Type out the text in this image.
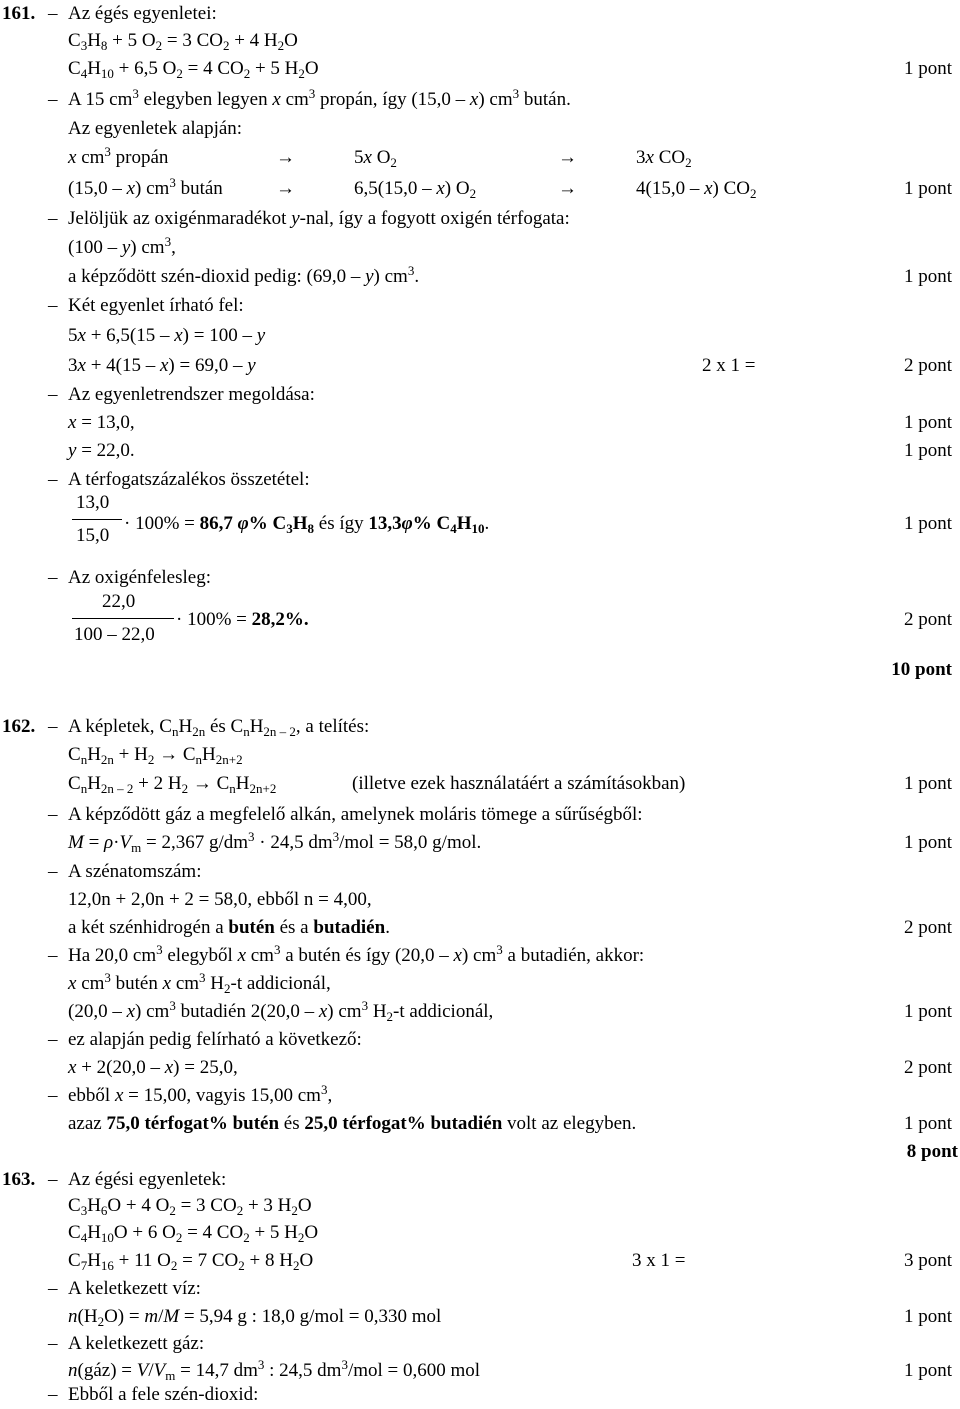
161. – Az égés egyenletei:
$C_3H_8 + 5$ $O_2 = 3$ $CO_2 + 4$ $H_2O$
$C_4H_{10} + 6,5$ $O_2 = 4$ $CO_2 + 5$ $H_2O$	1 pont
– A 15 $cm^3$ elegyben legyen x $cm^3$ propán, így (15,0 – x) $cm^3$ bután.
Az egyenletek alapján:
x $cm^3$ propán	→	5x $O_2$	→	3x $CO_2$
(15,0 – x) $cm^3$ bután	→	6,5(15,0 – x) $O_2$	→	4(15,0 – x) $CO_2$	1 pont
– Jelöljük az oxigénmaradékot y-nal, így a fogyott oxigén térfogata:
(100 – y) $cm^3$,
a képződött szén-dioxid pedig: (69,0 – y) $cm^3$.	1 pont
– Két egyenlet írható fel:
5x + 6,5(15 – x) = 100 – y
3x + 4(15 – x) = 69,0 – y	2 x 1 =	2 pont
– Az egyenletrendszer megoldása:
x = 13,0,	1 pont
y = 22,0.	1 pont
– A térfogatszázalékos összetétel:
13,0
15,0
· 100% = 86,7 φ% $C_3H_8$ és így 13,3φ% $C_4H_{10}$.	1 pont
– Az oxigénfelesleg:
22,0
100 – 22,0
· 100% = 28,2%.	2 pont
10 pont
162. – A képletek, $C_nH_{2n}$ és $C_nH_{2n - 2}$, a telítés:
$C_nH_{2n} + H_2 \to C_nH_{2n+2}$
$C_nH_{2n - 2} + 2$ $H_2 \to C_nH_{2n+2}$	(illetve ezek használatáért a számításokban)	1 pont
– A képződött gáz a megfelelő alkán, amelynek moláris tömege a sűrűségből:
$M = \rho\cdot V_m = 2,367$ $g/dm^3 \cdot 24,5$ $dm^3$/mol = 58,0 g/mol.	1 pont
– A szénatomszám:
12,0n + 2,0n + 2 = 58,0, ebből n = 4,00,
a két szénhidrogén a butén és a butadién.	2 pont
– Ha 20,0 $cm^3$ elegyből x $cm^3$ a butén és így (20,0 – x) $cm^3$ a butadién, akkor:
x $cm^3$ butén x $cm^3$ $H_2-t$ addicionál,
(20,0 – x) $cm^3$ butadién 2(20,0 – x) $cm^3$ $H_2-t$ addicionál,	1 pont
– ez alapján pedig felírható a következő:
x + 2(20,0 – x) = 25,0,	2 pont
– ebből x = 15,00, vagyis 15,00 $cm^3$,
azaz 75,0 térfogat% butén és 25,0 térfogat% butadién volt az elegyben.	1 pont
8 pont
163. – Az égési egyenletek:
$C_3H_6O + 4$ $O_2 = 3$ $CO_2 + 3$ $H_2O$
$C_4H_{10}O + 6$ $O_2 = 4$ $CO_2 + 5$ $H_2O$
$C_7H_{16} + 11$ $O_2 = 7$ $CO_2 + 8$ $H_2O$	3 x 1 =	3 pont
– A keletkezett víz:
$n(H_2O) = m/M = 5,94$ g : 18,0 g/mol = 0,330 mol	1 pont
– A keletkezett gáz:
n(gáz) = $V/V_m = 14,7$ $dm^3$ : 24,5 $dm^3$/mol = 0,600 mol	1 pont
– Ebből a fele szén-dioxid:
